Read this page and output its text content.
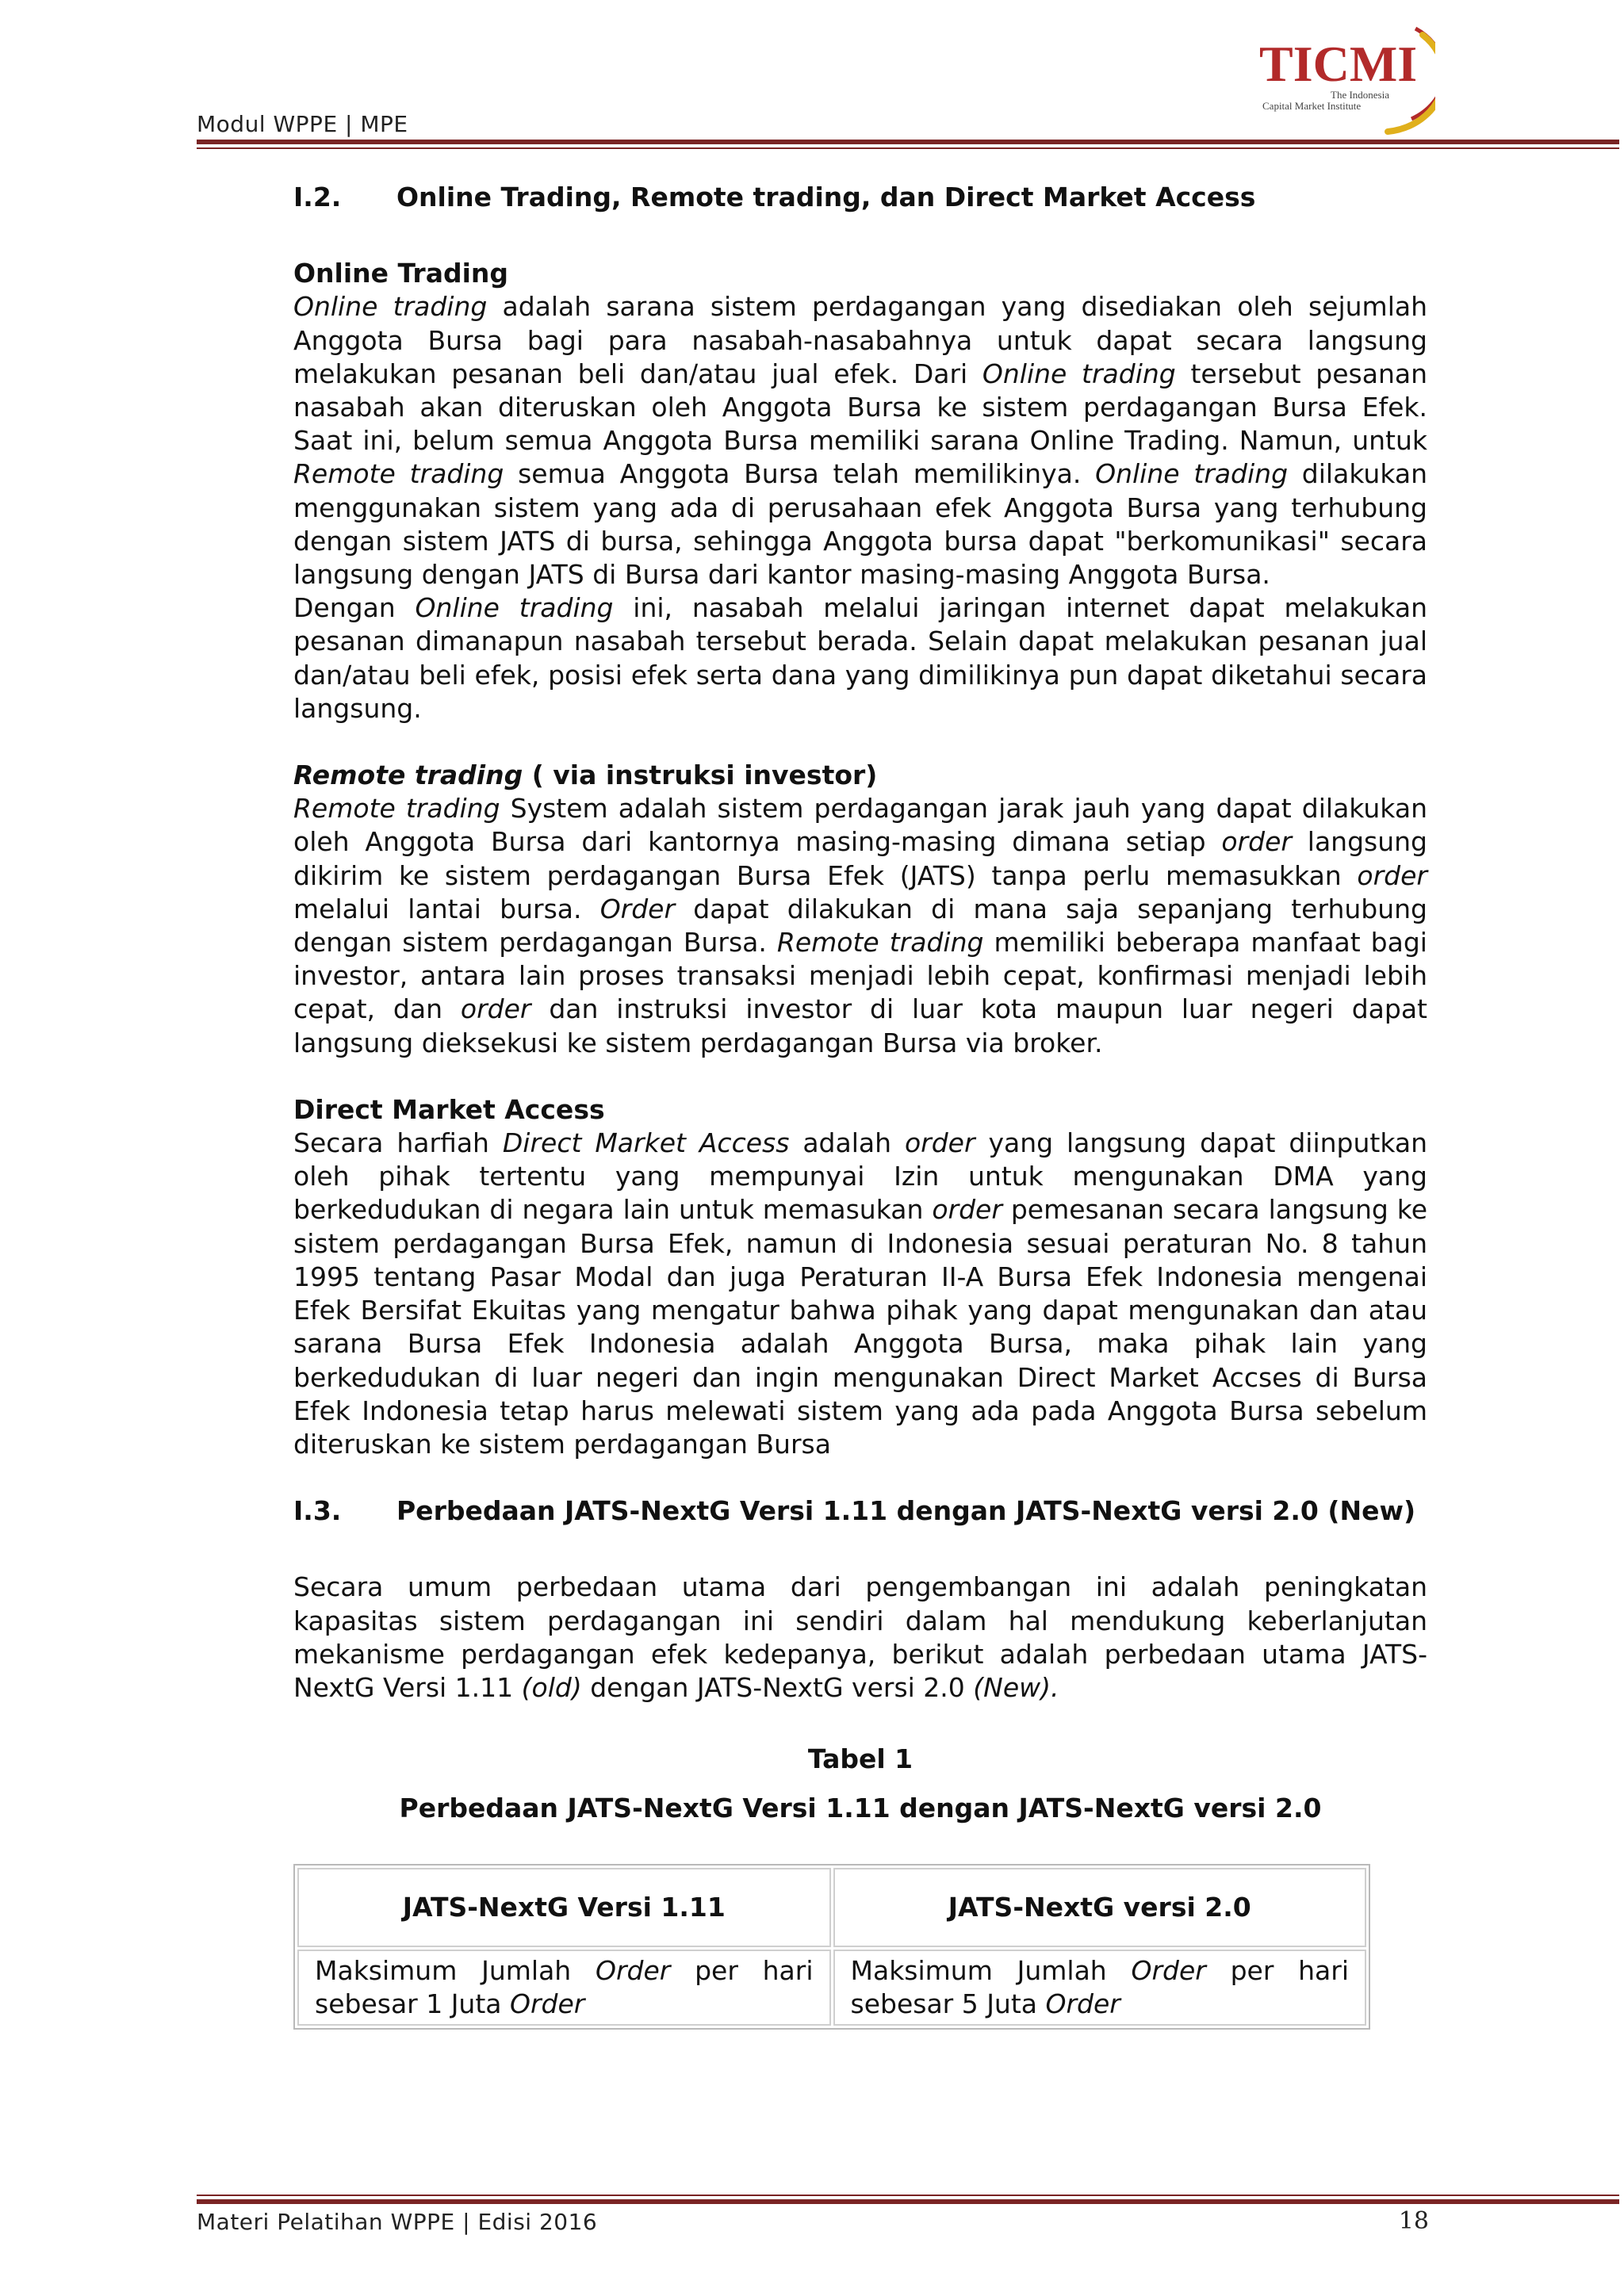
Modul WPPE | MPE
TICMI
The Indonesia
Capital Market Institute
I.2.	Online Trading, Remote trading, dan Direct Market Access

Online Trading

Online trading adalah sarana sistem perdagangan yang disediakan oleh sejumlah Anggota Bursa bagi para nasabah-nasabahnya untuk dapat secara langsung melakukan pesanan beli dan/atau jual efek. Dari Online trading tersebut pesanan nasabah akan diteruskan oleh Anggota Bursa ke sistem perdagangan Bursa Efek. Saat ini, belum semua Anggota Bursa memiliki sarana Online Trading. Namun, untuk Remote trading semua Anggota Bursa telah memilikinya. Online trading dilakukan menggunakan sistem yang ada di perusahaan efek Anggota Bursa yang terhubung dengan sistem JATS di bursa, sehingga Anggota bursa dapat "berkomunikasi" secara langsung dengan JATS di Bursa dari kantor masing-masing Anggota Bursa.

Dengan Online trading ini, nasabah melalui jaringan internet dapat melakukan pesanan dimanapun nasabah tersebut berada. Selain dapat melakukan pesanan jual dan/atau beli efek, posisi efek serta dana yang dimilikinya pun dapat diketahui secara langsung.

Remote trading ( via instruksi investor)

Remote trading System adalah sistem perdagangan jarak jauh yang dapat dilakukan oleh Anggota Bursa dari kantornya masing-masing dimana setiap order langsung dikirim ke sistem perdagangan Bursa Efek (JATS) tanpa perlu memasukkan order melalui lantai bursa. Order dapat dilakukan di mana saja sepanjang terhubung dengan sistem perdagangan Bursa. Remote trading memiliki beberapa manfaat bagi investor, antara lain proses transaksi menjadi lebih cepat, konfirmasi menjadi lebih cepat, dan order dan instruksi investor di luar kota maupun luar negeri dapat langsung dieksekusi ke sistem perdagangan Bursa via broker.

Direct Market Access

Secara harfiah Direct Market Access adalah order yang langsung dapat diinputkan oleh pihak tertentu yang mempunyai Izin untuk mengunakan DMA yang berkedudukan di negara lain untuk memasukan order pemesanan secara langsung ke sistem perdagangan Bursa Efek, namun di Indonesia sesuai peraturan No. 8 tahun 1995 tentang Pasar Modal dan juga Peraturan II-A Bursa Efek Indonesia mengenai Efek Bersifat Ekuitas yang mengatur bahwa pihak yang dapat mengunakan dan atau sarana Bursa Efek Indonesia adalah Anggota Bursa, maka pihak lain yang berkedudukan di luar negeri dan ingin mengunakan Direct Market Accses di Bursa Efek Indonesia tetap harus melewati sistem yang ada pada Anggota Bursa sebelum diteruskan ke sistem perdagangan Bursa

I.3.	Perbedaan JATS-NextG Versi 1.11 dengan JATS-NextG versi 2.0 (New)

Secara umum perbedaan utama dari pengembangan ini adalah peningkatan kapasitas sistem perdagangan ini sendiri dalam hal mendukung keberlanjutan mekanisme perdagangan efek kedepanya, berikut adalah perbedaan utama JATS-NextG Versi 1.11 (old) dengan JATS-NextG versi 2.0 (New).

Tabel 1

Perbedaan JATS-NextG Versi 1.11 dengan JATS-NextG versi 2.0

JATS-NextG Versi 1.11	JATS-NextG versi 2.0
Maksimum Jumlah Order per hari sebesar 1 Juta Order	Maksimum Jumlah Order per hari sebesar 5 Juta Order
Materi Pelatihan WPPE | Edisi 2016	18
